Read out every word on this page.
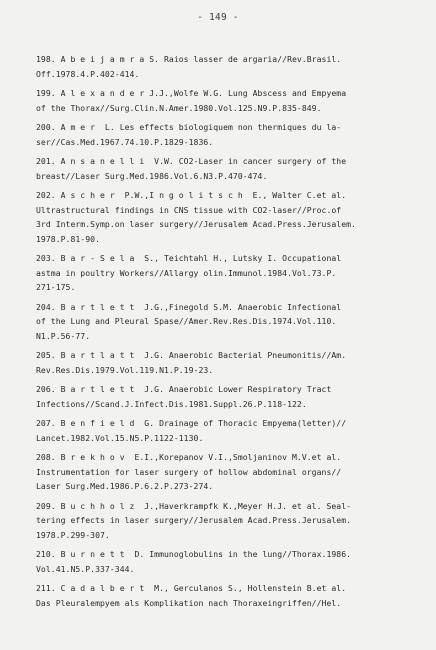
- 149 -
198. A b e i j a m r a S. Raios lasser de argaria//Rev.Brasil.
Off.1978.4.P.402-414.
199. A l e x a n d e r J.J.,Wolfe W.G. Lung Abscess and Empyema
of the Thorax//Surg.Clin.N.Amer.1980.Vol.125.N9.P.835-849.
200. A m e r  L. Les effects biologiquem non thermiques du la-
ser//Cas.Med.1967.74.10.P.1829-1836.
201. A n s a n e l l i  V.W. CO2-Laser in cancer surgery of the
breast//Laser Surg.Med.1986.Vol.6.N3.P.470-474.
202. A s c h e r  P.W.,I n g o l i t s c h  E., Walter C.et al.
Ultrastructural findings in CNS tissue with CO2-laser//Proc.of
3rd Interm.Symp.on laser surgery//Jerusalem Acad.Press.Jerusalem.
1978.P.81-90.
203. B a r - S e l a  S., Teichtahl H., Lutsky I. Occupational
astma in poultry Workers//Allargy olin.Immunol.1984.Vol.73.P.
271-175.
204. B a r t l e t t  J.G.,Finegold S.M. Anaerobic Infectional
of the Lung and Pleural Spase//Amer.Rev.Res.Dis.1974.Vol.110.
N1.P.56-77.
205. B a r t l a t t  J.G. Anaerobic Bacterial Pneumonitis//Am.
Rev.Res.Dis.1979.Vol.119.N1.P.19-23.
206. B a r t l e t t  J.G. Anaerobic Lower Respiratory Tract
Infections//Scand.J.Infect.Dis.1981.Suppl.26.P.118-122.
207. B e n f i e l d  G. Drainage of Thoracic Empyema(letter)//
Lancet.1982.Vol.15.N5.P.1122-1130.
208. B r e k h o v  E.I.,Korepanov V.I.,Smoljaninov M.V.et al.
Instrumentation for laser surgery of hollow abdominal organs//
Laser Surg.Med.1986.P.6.2.P.273-274.
209. B u c h h o l z  J.,Haverkrampfk K.,Meyer H.J. et al. Seal-
tering effects in laser surgery//Jerusalem Acad.Press.Jerusalem.
1978.P.299-307.
210. B u r n e t t  D. Immunoglobulins in the lung//Thorax.1986.
Vol.41.N5.P.337-344.
211. C a d a l b e r t  M., Gerculanos S., Hollenstein B.et al.
Das Pleuralempyem als Komplikation nach Thoraxeingriffen//Hel.
